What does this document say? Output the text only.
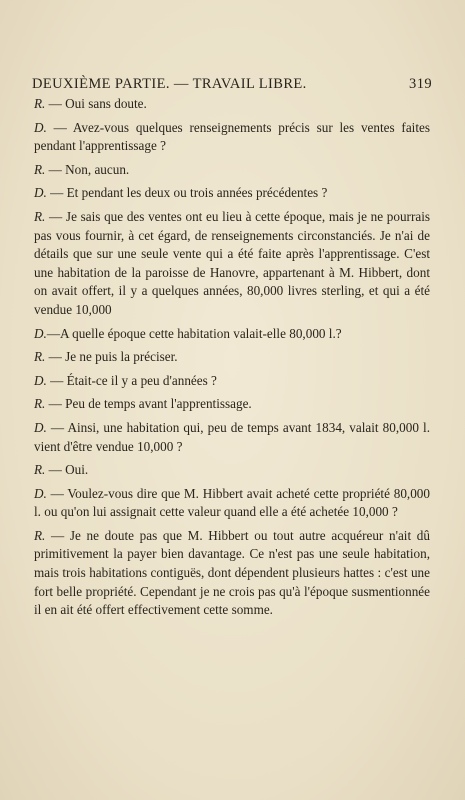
DEUXIÈME PARTIE. — TRAVAIL LIBRE.	319

R. — Oui sans doute.

D. — Avez-vous quelques renseignements précis sur les ventes faites pendant l'apprentissage ?

R. — Non, aucun.

D. — Et pendant les deux ou trois années précédentes ?

R. — Je sais que des ventes ont eu lieu à cette époque, mais je ne pourrais pas vous fournir, à cet égard, de renseignements circonstanciés. Je n'ai de détails que sur une seule vente qui a été faite après l'apprentissage. C'est une habitation de la paroisse de Hanovre, appartenant à M. Hibbert, dont on avait offert, il y a quelques années, 80,000 livres sterling, et qui a été vendue 10,000

D.—A quelle époque cette habitation valait-elle 80,000 l.?

R. — Je ne puis la préciser.

D. — Était-ce il y a peu d'années ?

R. — Peu de temps avant l'apprentissage.

D. — Ainsi, une habitation qui, peu de temps avant 1834, valait 80,000 l. vient d'être vendue 10,000 ?

R. — Oui.

D. — Voulez-vous dire que M. Hibbert avait acheté cette propriété 80,000 l. ou qu'on lui assignait cette valeur quand elle a été achetée 10,000 ?

R. — Je ne doute pas que M. Hibbert ou tout autre acquéreur n'ait dû primitivement la payer bien davantage. Ce n'est pas une seule habitation, mais trois habitations contiguës, dont dépendent plusieurs hattes : c'est une fort belle propriété. Cependant je ne crois pas qu'à l'époque susmentionnée il en ait été offert effectivement cette somme.
